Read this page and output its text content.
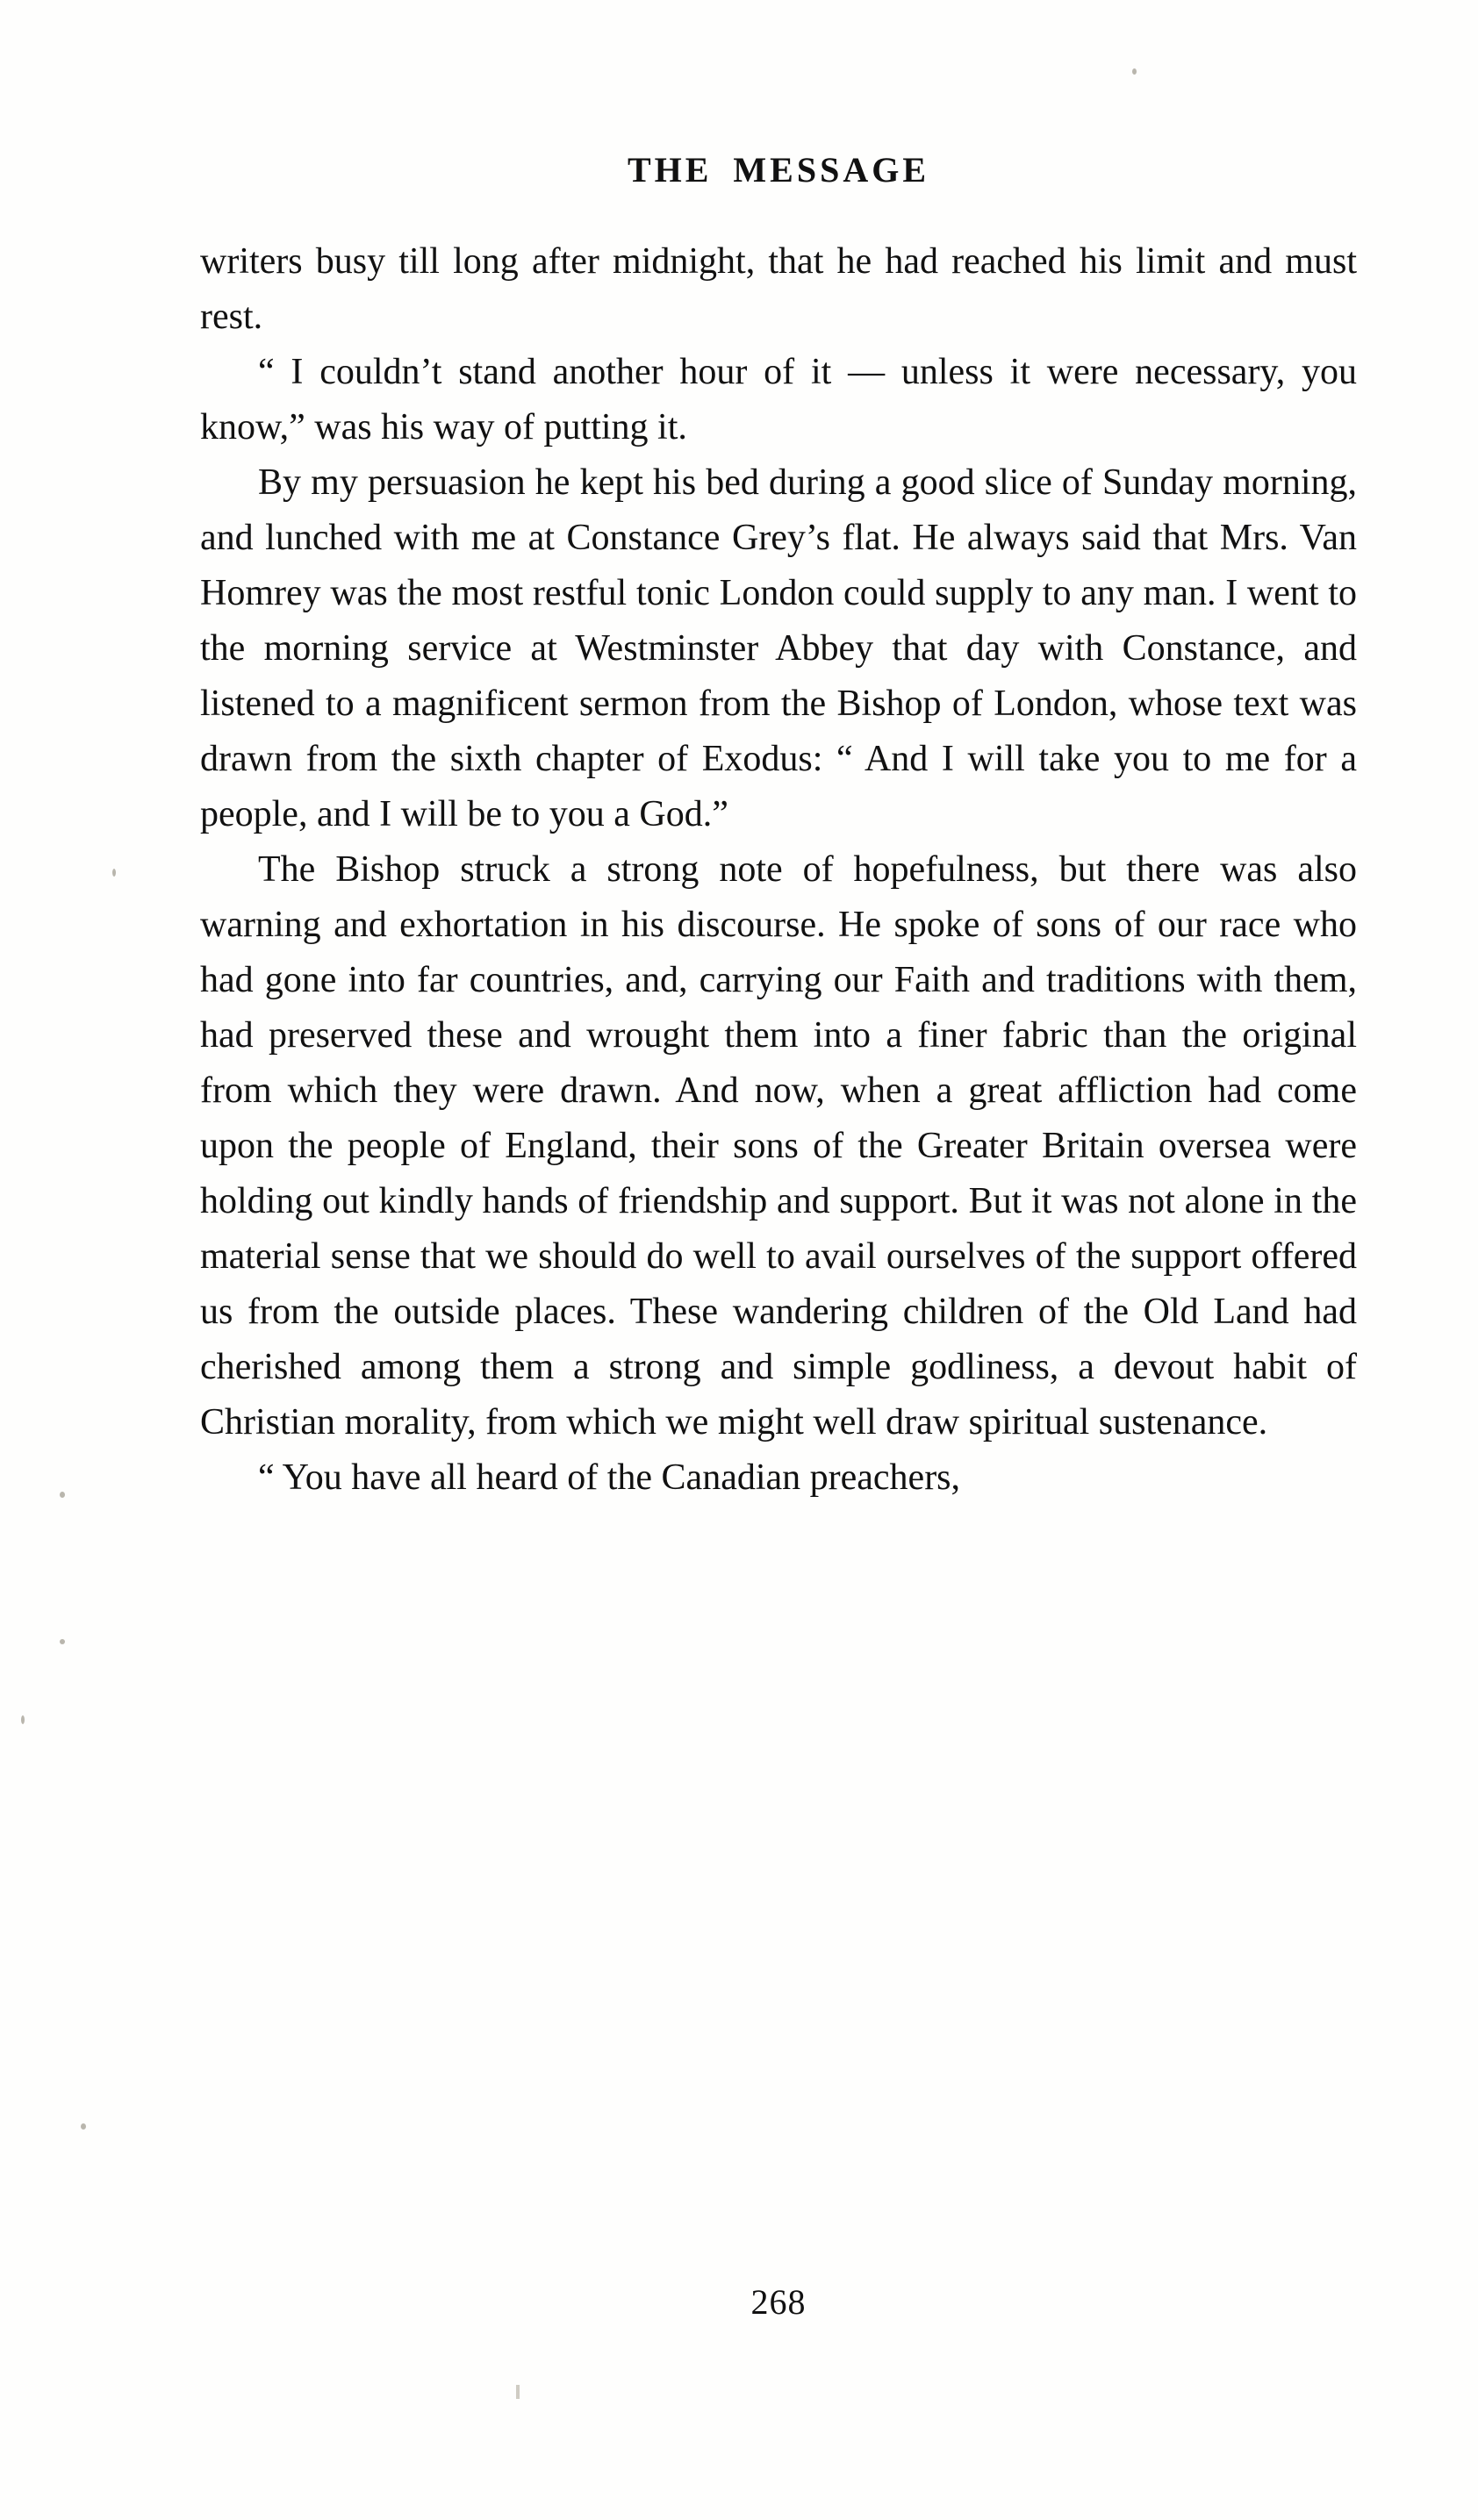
THE MESSAGE

writers busy till long after midnight, that he had reached his limit and must rest.

“ I couldn’t stand another hour of it — unless it were necessary, you know,” was his way of putting it.

By my persuasion he kept his bed during a good slice of Sunday morning, and lunched with me at Constance Grey’s flat. He always said that Mrs. Van Homrey was the most restful tonic London could supply to any man. I went to the morning service at Westminster Abbey that day with Constance, and listened to a magnificent sermon from the Bishop of London, whose text was drawn from the sixth chapter of Exodus: “ And I will take you to me for a people, and I will be to you a God.”

The Bishop struck a strong note of hopefulness, but there was also warning and exhortation in his discourse. He spoke of sons of our race who had gone into far countries, and, carrying our Faith and traditions with them, had preserved these and wrought them into a finer fabric than the original from which they were drawn. And now, when a great affliction had come upon the people of England, their sons of the Greater Britain oversea were holding out kindly hands of friendship and support. But it was not alone in the material sense that we should do well to avail ourselves of the support offered us from the outside places. These wandering children of the Old Land had cherished among them a strong and simple godliness, a devout habit of Christian morality, from which we might well draw spiritual sustenance.

“ You have all heard of the Canadian preachers,

268
